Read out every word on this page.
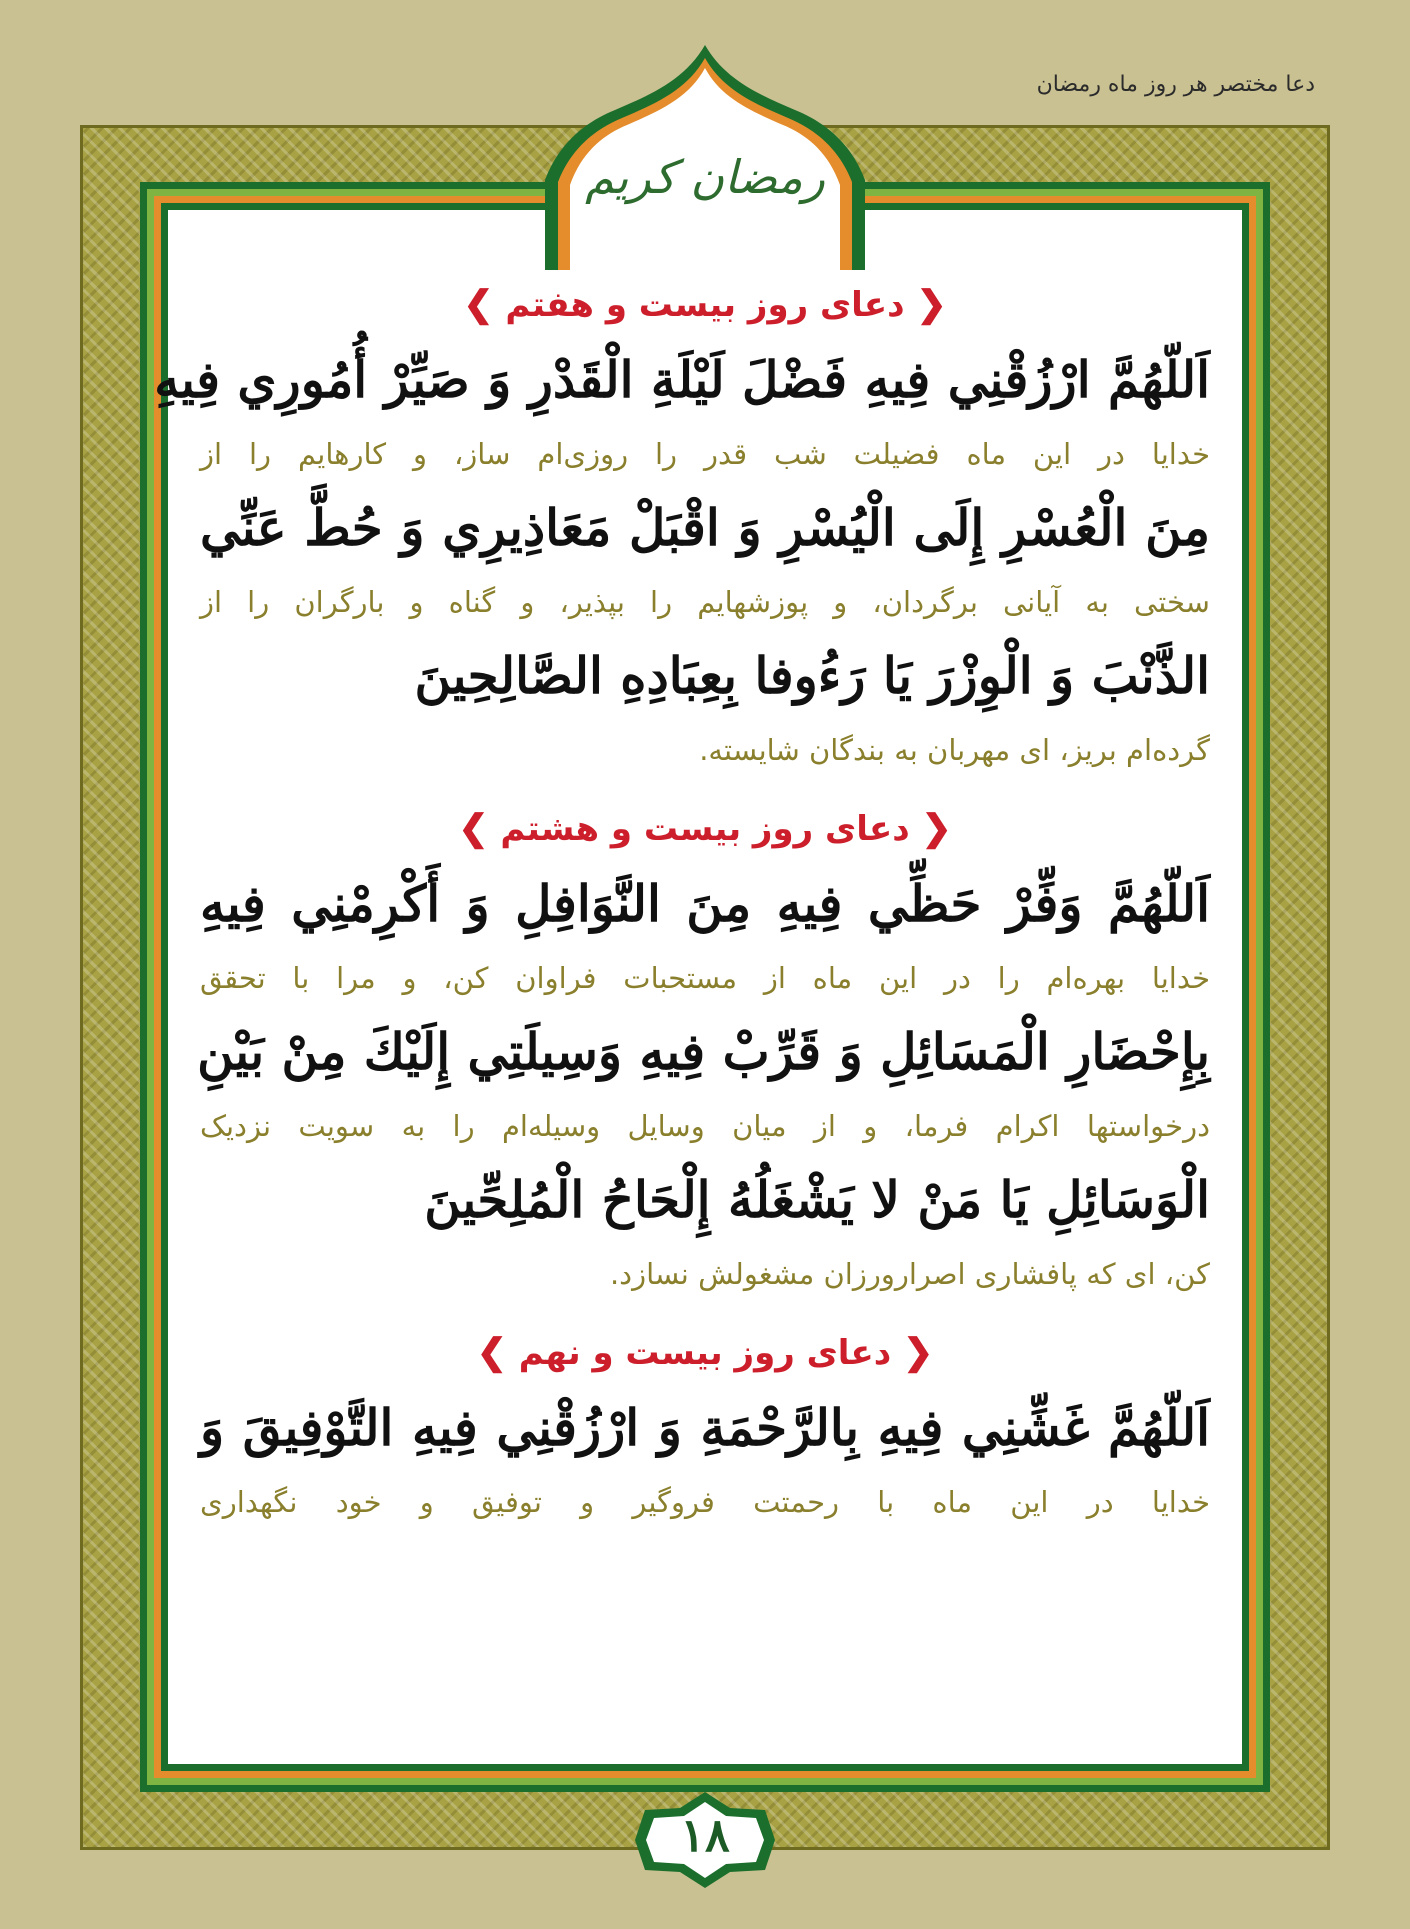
دعا مختصر هر روز ماه رمضان
رمضان کریم
۱۸
❮ دعای روز بیست و هفتم ❯
اَللّهُمَّ ارْزُقْنِي فِيهِ فَضْلَ لَيْلَةِ الْقَدْرِ وَ صَيِّرْ أُمُورِي فِيهِ
خدایا در این ماه فضیلت شب قدر را روزی‌ام ساز، و کارهایم را از
مِنَ الْعُسْرِ إِلَى الْيُسْرِ وَ اقْبَلْ مَعَاذِيرِي وَ حُطَّ عَنِّي
سختی به آیانی برگردان، و پوزشهایم را بپذیر، و گناه و بارگران را از
الذَّنْبَ وَ الْوِزْرَ يَا رَءُوفا بِعِبَادِهِ الصَّالِحِينَ
گرده‌ام بریز، ای مهربان به بندگان شایسته.
❮ دعای روز بیست و هشتم ❯
اَللّهُمَّ وَفِّرْ حَظِّي فِيهِ مِنَ النَّوَافِلِ وَ أَكْرِمْنِي فِيهِ
خدایا بهره‌ام را در این ماه از مستحبات فراوان کن، و مرا با تحقق
بِإِحْضَارِ الْمَسَائِلِ وَ قَرِّبْ فِيهِ وَسِيلَتِي إِلَيْكَ مِنْ بَيْنِ
درخواستها اکرام فرما، و از میان وسایل وسیله‌ام را به سویت نزدیک
الْوَسَائِلِ يَا مَنْ لا يَشْغَلُهُ إِلْحَاحُ الْمُلِحِّينَ
کن، ای که پافشاری اصرارورزان مشغولش نسازد.
❮ دعای روز بیست و نهم ❯
اَللّهُمَّ غَشِّنِي فِيهِ بِالرَّحْمَةِ وَ ارْزُقْنِي فِيهِ التَّوْفِيقَ وَ
خدایا در این ماه با رحمتت فروگیر و توفیق و خود نگهداری
